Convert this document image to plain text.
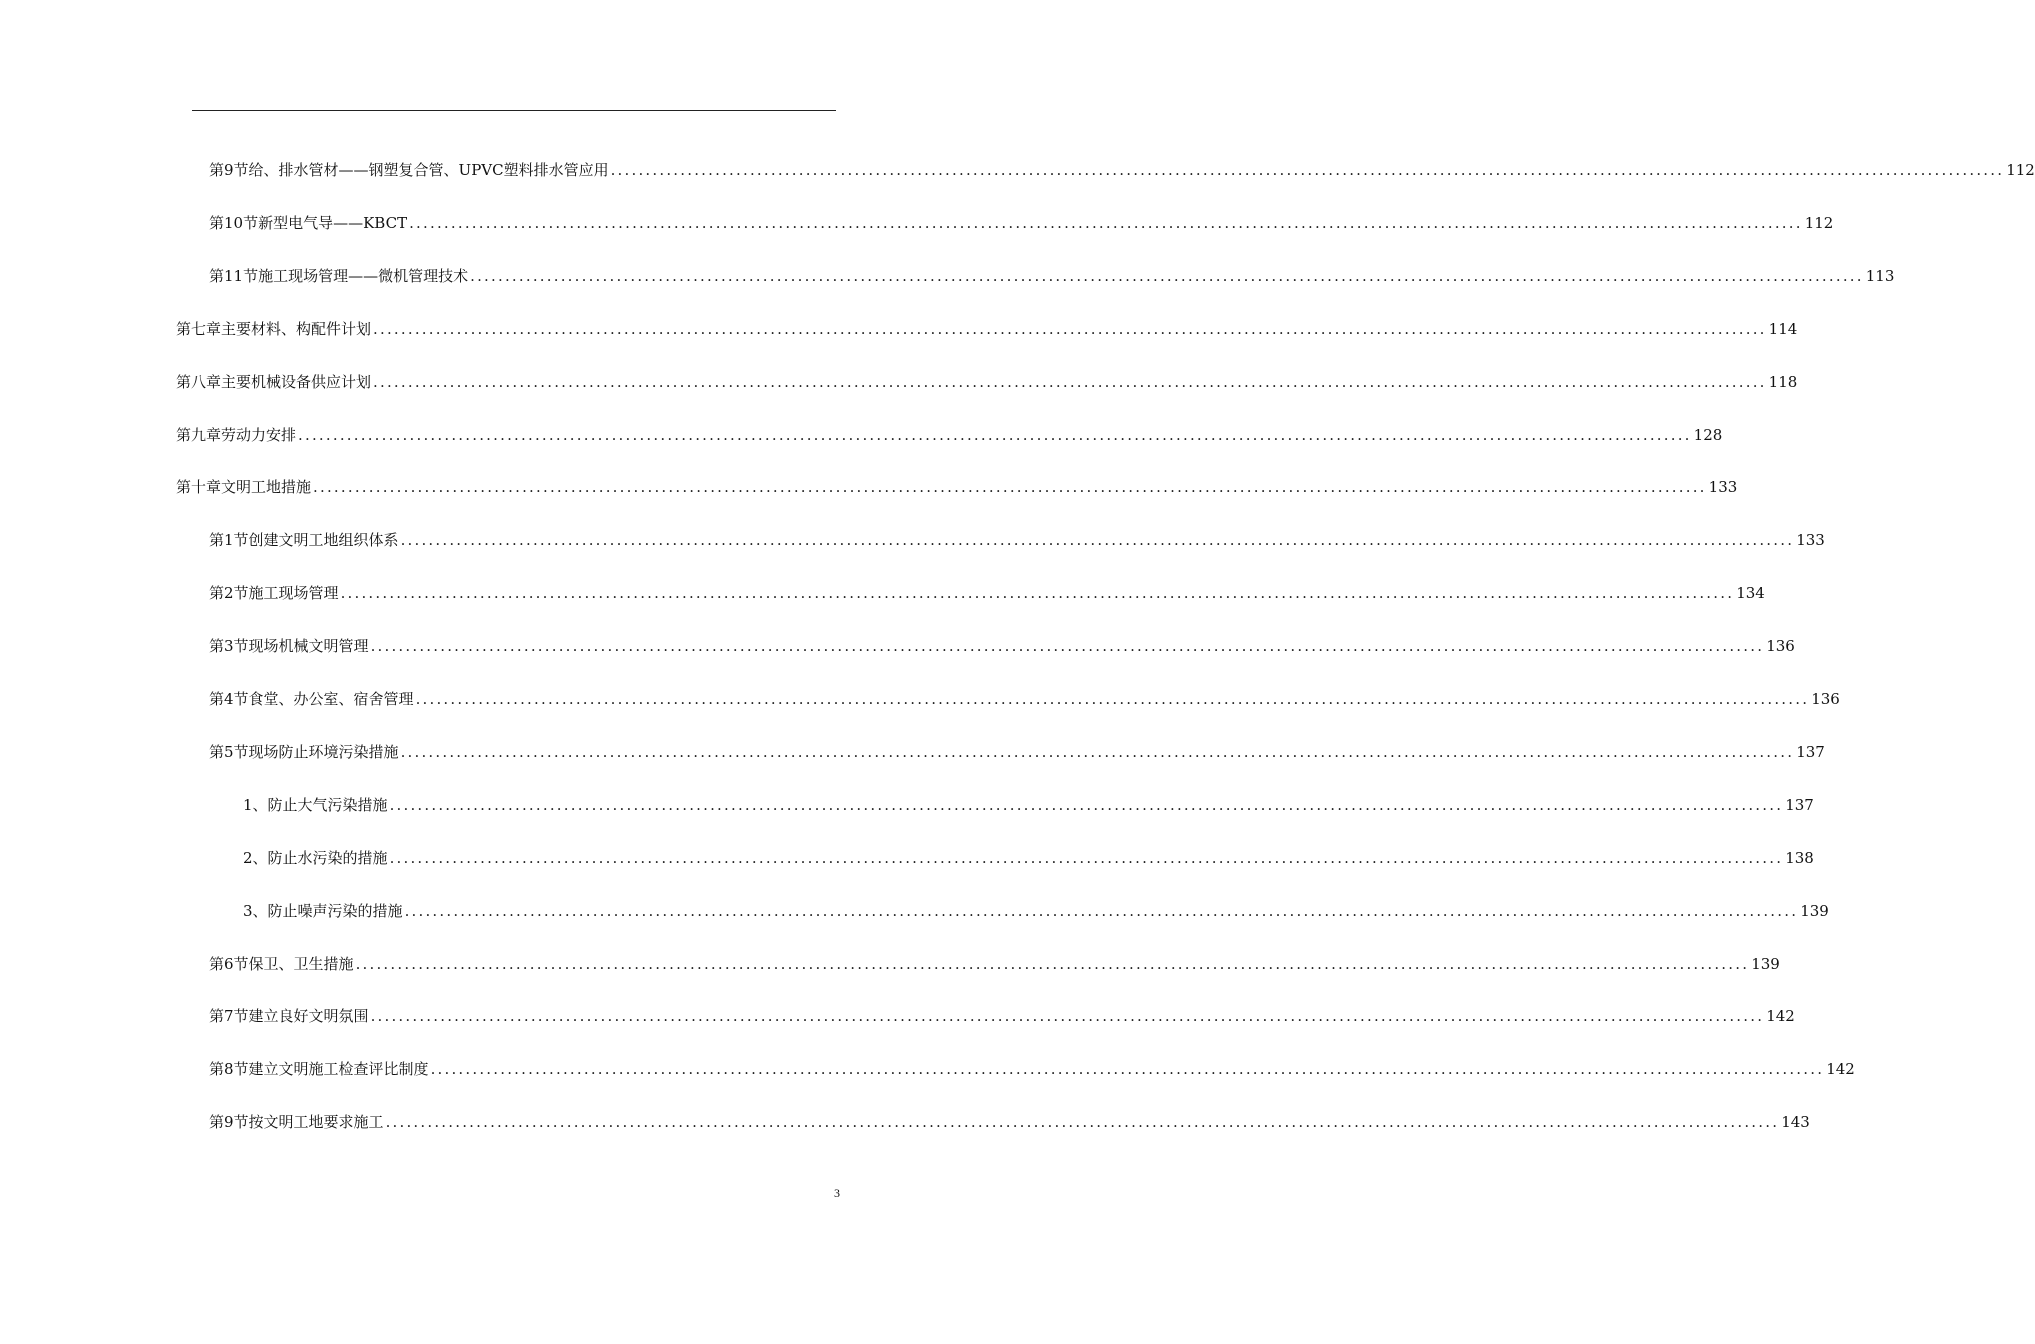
第9节 给、排水管材——钢塑复合管、UPVC塑料排水管应用 ........................................................................................................................................................................................................ 112
第10节 新型电气导——KBCT ........................................................................................................................................................................................................ 112
第11节 施工现场管理——微机管理技术 ........................................................................................................................................................................................................ 113
第七章 主要材料、构配件计划 ........................................................................................................................................................................................................ 114
第八章 主要机械设备供应计划 ........................................................................................................................................................................................................ 118
第九章 劳动力安排 ........................................................................................................................................................................................................ 128
第十章 文明工地措施 ........................................................................................................................................................................................................ 133
第1节 创建文明工地组织体系 ........................................................................................................................................................................................................ 133
第2节 施工现场管理 ........................................................................................................................................................................................................ 134
第3节 现场机械文明管理 ........................................................................................................................................................................................................ 136
第4节 食堂、办公室、宿舍管理 ........................................................................................................................................................................................................ 136
第5节 现场防止环境污染措施 ........................................................................................................................................................................................................ 137
1、 防止大气污染措施 ........................................................................................................................................................................................................ 137
2、 防止水污染的措施 ........................................................................................................................................................................................................ 138
3、 防止噪声污染的措施 ........................................................................................................................................................................................................ 139
第6节 保卫、卫生措施 ........................................................................................................................................................................................................ 139
第7节 建立良好文明氛围 ........................................................................................................................................................................................................ 142
第8节 建立文明施工检查评比制度 ........................................................................................................................................................................................................ 142
第9节 按文明工地要求施工 ........................................................................................................................................................................................................ 143
3
